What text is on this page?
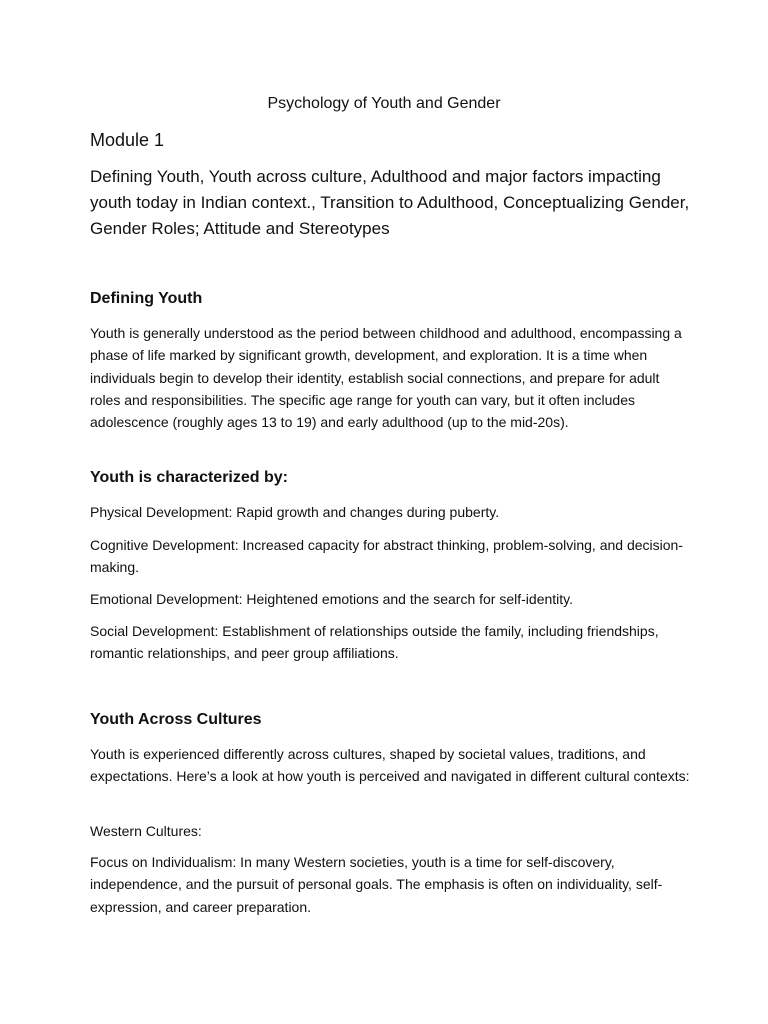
Psychology of Youth and Gender
Module 1
Defining Youth, Youth across culture, Adulthood and major factors impacting youth today in Indian context., Transition to Adulthood, Conceptualizing Gender, Gender Roles; Attitude and Stereotypes
Defining Youth
Youth is generally understood as the period between childhood and adulthood, encompassing a phase of life marked by significant growth, development, and exploration. It is a time when individuals begin to develop their identity, establish social connections, and prepare for adult roles and responsibilities. The specific age range for youth can vary, but it often includes adolescence (roughly ages 13 to 19) and early adulthood (up to the mid-20s).
Youth is characterized by:
Physical Development: Rapid growth and changes during puberty.
Cognitive Development: Increased capacity for abstract thinking, problem-solving, and decision-making.
Emotional Development: Heightened emotions and the search for self-identity.
Social Development: Establishment of relationships outside the family, including friendships, romantic relationships, and peer group affiliations.
Youth Across Cultures
Youth is experienced differently across cultures, shaped by societal values, traditions, and expectations. Here’s a look at how youth is perceived and navigated in different cultural contexts:
Western Cultures:
Focus on Individualism: In many Western societies, youth is a time for self-discovery, independence, and the pursuit of personal goals. The emphasis is often on individuality, self-expression, and career preparation.
